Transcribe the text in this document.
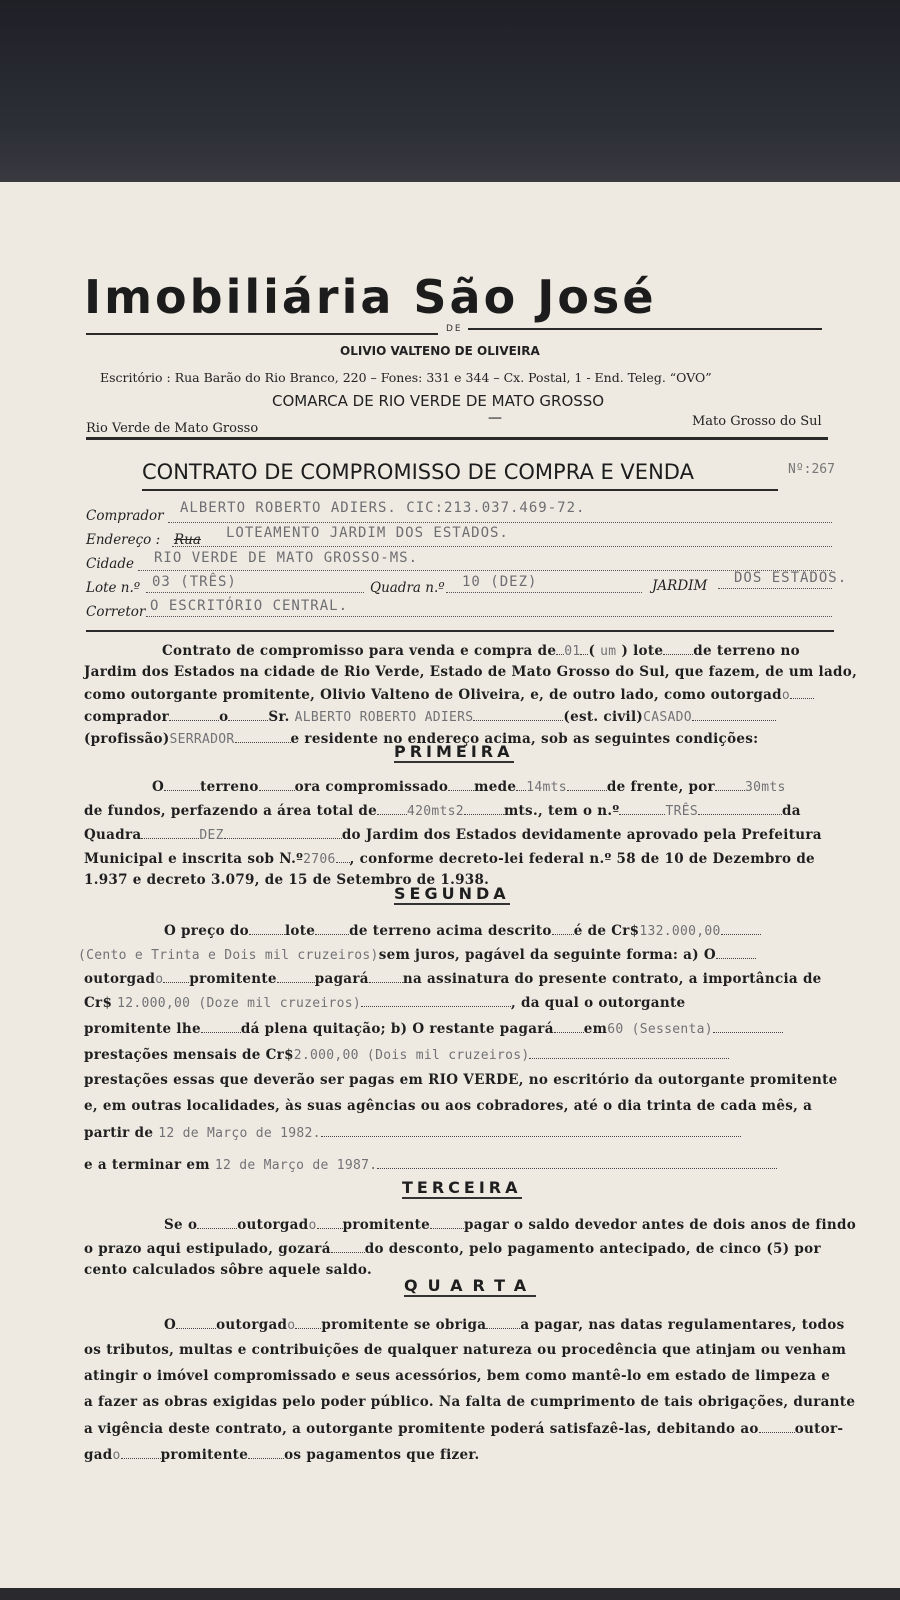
Imobiliária São José
DE
OLIVIO VALTENO DE OLIVEIRA
Escritório : Rua Barão do Rio Branco, 220 – Fones: 331 e 344 – Cx. Postal, 1 - End. Teleg. “OVO”
COMARCA DE RIO VERDE DE MATO GROSSO
Rio Verde de Mato Grosso
—	Mato Grosso do Sul
CONTRATO DE COMPROMISSO DE COMPRA E VENDA	Nº:267
Comprador ALBERTO ROBERTO ADIERS. CIC:213.037.469-72.
Endereço : Rua LOTEAMENTO JARDIM DOS ESTADOS.
Cidade RIO VERDE DE MATO GROSSO-MS.
Lote n.º 03 (TRÊS)	Quadra n.º 10 (DEZ)	JARDIM DOS ESTADOS.
Corretor O ESCRITÓRIO CENTRAL.
Contrato de compromisso para venda e compra de 01 ( um ) lote de terreno no
Jardim dos Estados na cidade de Rio Verde, Estado de Mato Grosso do Sul, que fazem, de um lado,
como outorgante promitente, Olivio Valteno de Oliveira, e, de outro lado, como outorgado
comprador	o	Sr. ALBERTO ROBERTO ADIERS	(est. civil)CASADO
(profissão)SERRADOR	e residente no endereço acima, sob as seguintes condições:
PRIMEIRA
O	terreno	ora compromissado mede 14mts	de frente, por 30mts
de fundos, perfazendo a área total de 420mts2	mts., tem o n.º	TRÊS	da
Quadra	DEZ	do Jardim dos Estados devidamente aprovado pela Prefeitura
Municipal e inscrita sob N.º2706 , conforme decreto-lei federal n.º 58 de 10 de Dezembro de
1.937 e decreto 3.079, de 15 de Setembro de 1.938.
SEGUNDA
O preço do	lote	de terreno acima descrito é de Cr$132.000,00
(Cento e Trinta e Dois mil cruzeiros)sem juros, pagável da seguinte forma: a) O
outorgado promitente	pagará	na assinatura do presente contrato, a importância de
Cr$ 12.000,00 (Doze mil cruzeiros)	, da qual o outorgante
promitente lhe	dá plena quitação; b) O restante pagará em60 (Sessenta)
prestações mensais de Cr$2.000,00 (Dois mil cruzeiros)
prestações essas que deverão ser pagas em RIO VERDE, no escritório da outorgante promitente
e, em outras localidades, às suas agências ou aos cobradores, até o dia trinta de cada mês, a
partir de 12 de Março de 1982.
e a terminar em 12 de Março de 1987.
TERCEIRA
Se o	outorgado promitente	pagar o saldo devedor antes de dois anos de findo
o prazo aqui estipulado, gozará	do desconto, pelo pagamento antecipado, de cinco (5) por
cento calculados sôbre aquele saldo.
QUARTA
O	outorgado promitente se obriga	a pagar, nas datas regulamentares, todos
os tributos, multas e contribuições de qualquer natureza ou procedência que atinjam ou venham
atingir o imóvel compromissado e seus acessórios, bem como mantê-lo em estado de limpeza e
a fazer as obras exigidas pelo poder público. Na falta de cumprimento de tais obrigações, durante
a vigência deste contrato, a outorgante promitente poderá satisfazê-las, debitando ao	outor-
gado	promitente	os pagamentos que fizer.
